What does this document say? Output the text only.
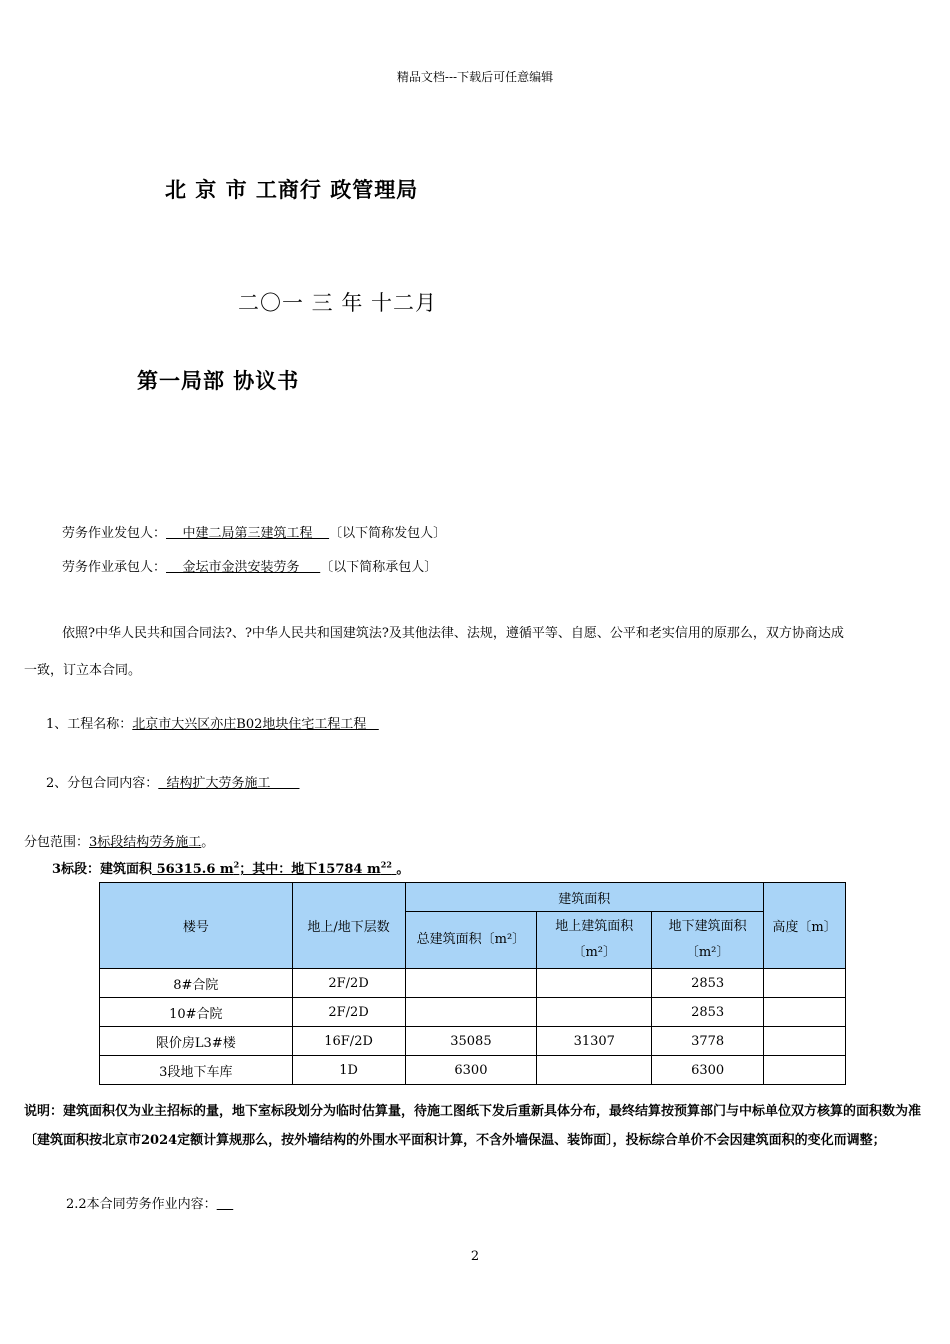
精品文档---下载后可任意编辑
北 京 市 工商行 政管理局
二〇一 三 年 十二月
第一局部 协议书
劳务作业发包人：    中建二局第三建筑工程    〔以下简称发包人〕
劳务作业承包人：    金坛市金洪安装劳务     〔以下简称承包人〕
依照?中华人民共和国合同法?、?中华人民共和国建筑法?及其他法律、法规，遵循平等、自愿、公平和老实信用的原那么，双方协商达成
一致，订立本合同。
1、工程名称：北京市大兴区亦庄B02地块住宅工程工程
2、分包合同内容：  结构扩大劳务施工
分包范围：3标段结构劳务施工。
3标段：建筑面积 56315.6 $m^2$；其中：地下15784 $m^{22}$ 。
楼号	地上/地下层数	建筑面积			高度〔m〕
		总建筑面积〔m²〕	地上建筑面积〔m²〕	地下建筑面积〔m²〕	
8#合院	2F/2D			2853	
10#合院	2F/2D			2853	
限价房L3#楼	16F/2D	35085	31307	3778	
3段地下车库	1D	6300		6300	
说明：建筑面积仅为业主招标的量，地下室标段划分为临时估算量，待施工图纸下发后重新具体分布，最终结算按预算部门与中标单位双方核算的面积数为准〔建筑面积按北京市2024定额计算规那么，按外墙结构的外围水平面积计算，不含外墙保温、装饰面〕，投标综合单价不会因建筑面积的变化而调整；
2.2本合同劳务作业内容：
2
